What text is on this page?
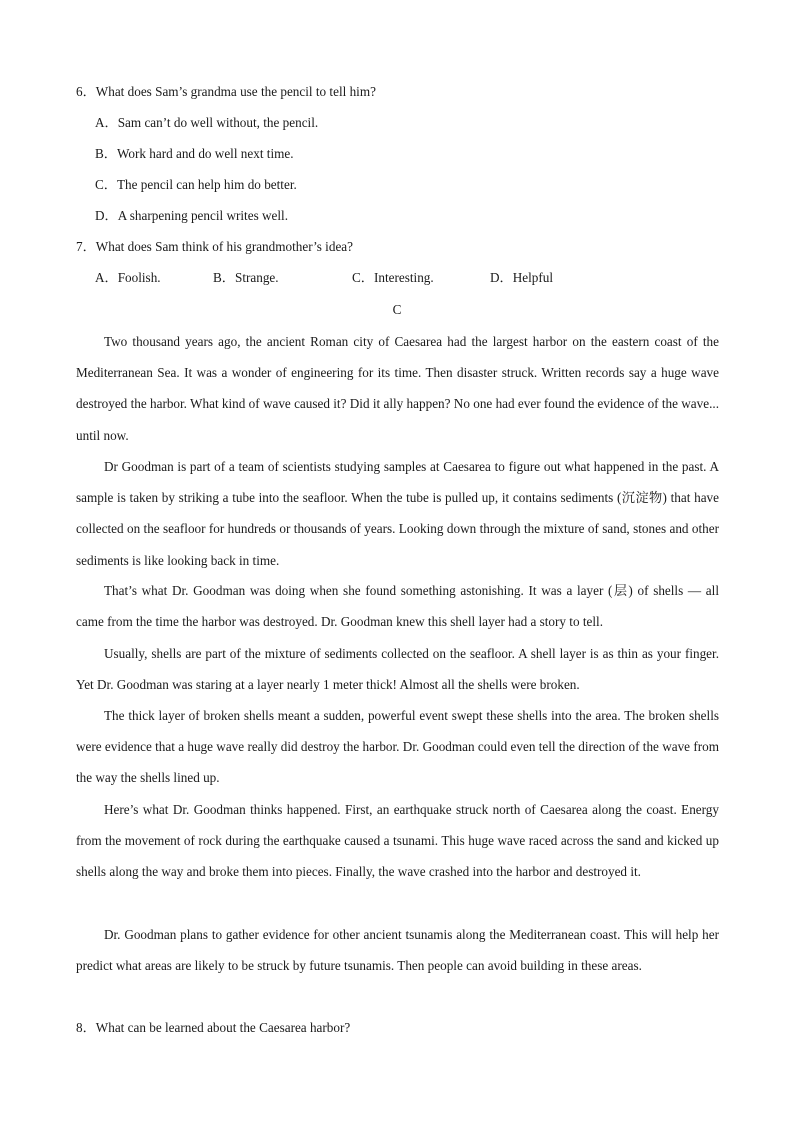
6．What does Sam’s grandma use the pencil to tell him?
A．Sam can’t do well without, the pencil.
B．Work hard and do well next time.
C．The pencil can help him do better.
D．A sharpening pencil writes well.
7．What does Sam think of his grandmother’s idea?
A．Foolish.	B．Strange.	C．Interesting.	D．Helpful
C

Two thousand years ago, the ancient Roman city of Caesarea had the largest harbor on the eastern coast of the Mediterranean Sea. It was a wonder of engineering for its time. Then disaster struck. Written records say a huge wave destroyed the harbor. What kind of wave caused it? Did it ally happen? No one had ever found the evidence of the wave... until now.

Dr Goodman is part of a team of scientists studying samples at Caesarea to figure out what happened in the past. A sample is taken by striking a tube into the seafloor. When the tube is pulled up, it contains sediments (沉淀物) that have collected on the seafloor for hundreds or thousands of years. Looking down through the mixture of sand, stones and other sediments is like looking back in time.

That’s what Dr. Goodman was doing when she found something astonishing. It was a layer (层) of shells — all came from the time the harbor was destroyed. Dr. Goodman knew this shell layer had a story to tell.

Usually, shells are part of the mixture of sediments collected on the seafloor. A shell layer is as thin as your finger. Yet Dr. Goodman was staring at a layer nearly 1 meter thick! Almost all the shells were broken.

The thick layer of broken shells meant a sudden, powerful event swept these shells into the area. The broken shells were evidence that a huge wave really did destroy the harbor. Dr. Goodman could even tell the direction of the wave from the way the shells lined up.

Here’s what Dr. Goodman thinks happened. First, an earthquake struck north of Caesarea along the coast. Energy from the movement of rock during the earthquake caused a tsunami. This huge wave raced across the sand and kicked up shells along the way and broke them into pieces. Finally, the wave crashed into the harbor and destroyed it.

Dr. Goodman plans to gather evidence for other ancient tsunamis along the Mediterranean coast. This will help her predict what areas are likely to be struck by future tsunamis. Then people can avoid building in these areas.

8．What can be learned about the Caesarea harbor?
